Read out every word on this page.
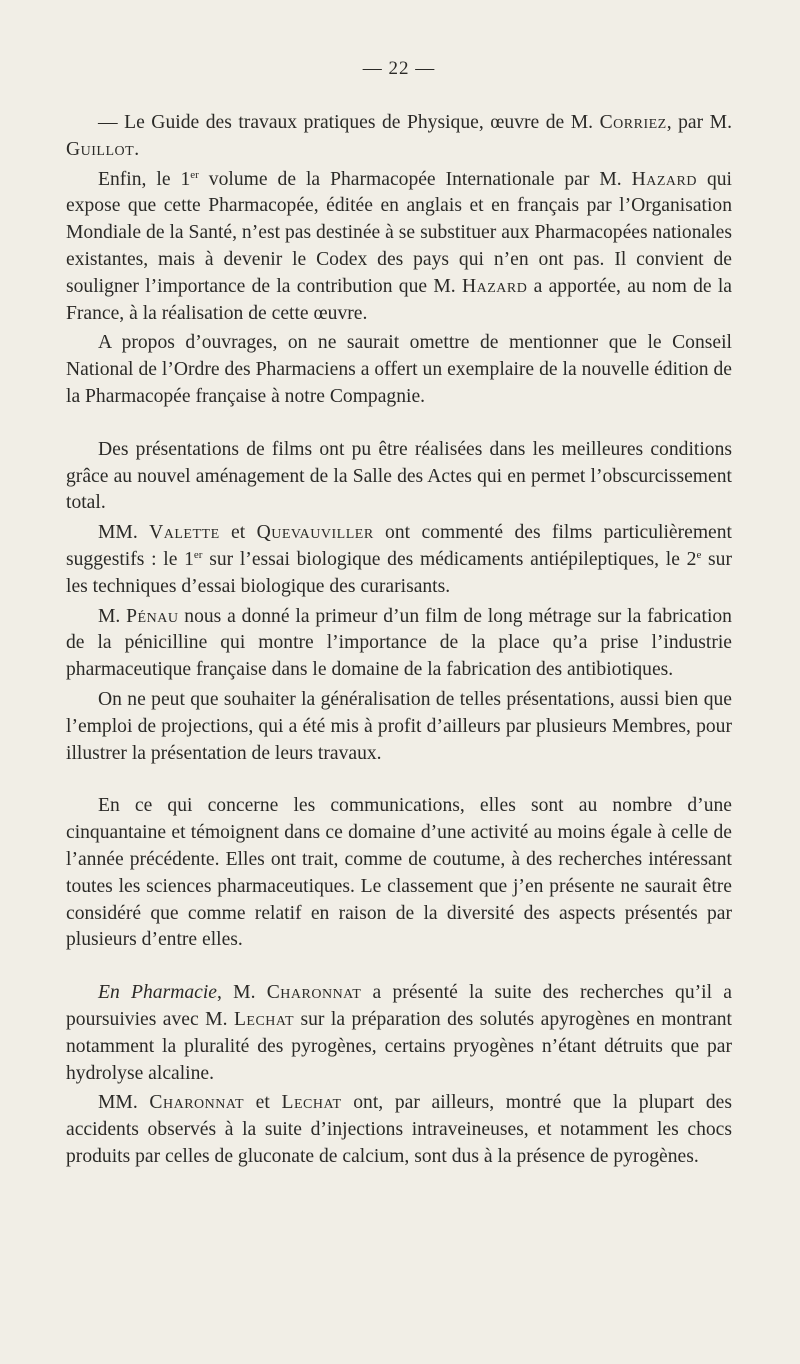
— 22 —

— Le Guide des travaux pratiques de Physique, œuvre de M. Corriez, par M. Guillot.

Enfin, le 1er volume de la Pharmacopée Internationale par M. Hazard qui expose que cette Pharmacopée, éditée en anglais et en français par l’Organisation Mondiale de la Santé, n’est pas destinée à se substituer aux Pharmacopées nationales existantes, mais à devenir le Codex des pays qui n’en ont pas. Il convient de souligner l’importance de la contribution que M. Hazard a apportée, au nom de la France, à la réalisation de cette œuvre.

A propos d’ouvrages, on ne saurait omettre de mentionner que le Conseil National de l’Ordre des Pharmaciens a offert un exemplaire de la nouvelle édition de la Pharmacopée française à notre Compagnie.

Des présentations de films ont pu être réalisées dans les meilleures conditions grâce au nouvel aménagement de la Salle des Actes qui en permet l’obscurcissement total.

MM. Valette et Quevauviller ont commenté des films particulièrement suggestifs : le 1er sur l’essai biologique des médicaments antiépileptiques, le 2e sur les techniques d’essai biologique des curarisants.

M. Pénau nous a donné la primeur d’un film de long métrage sur la fabrication de la pénicilline qui montre l’importance de la place qu’a prise l’industrie pharmaceutique française dans le domaine de la fabrication des antibiotiques.

On ne peut que souhaiter la généralisation de telles présentations, aussi bien que l’emploi de projections, qui a été mis à profit d’ailleurs par plusieurs Membres, pour illustrer la présentation de leurs travaux.

En ce qui concerne les communications, elles sont au nombre d’une cinquantaine et témoignent dans ce domaine d’une activité au moins égale à celle de l’année précédente. Elles ont trait, comme de coutume, à des recherches intéressant toutes les sciences pharmaceutiques. Le classement que j’en présente ne saurait être considéré que comme relatif en raison de la diversité des aspects présentés par plusieurs d’entre elles.

En Pharmacie, M. Charonnat a présenté la suite des recherches qu’il a poursuivies avec M. Lechat sur la préparation des solutés apyrogènes en montrant notamment la pluralité des pyrogènes, certains pryogènes n’étant détruits que par hydrolyse alcaline.

MM. Charonnat et Lechat ont, par ailleurs, montré que la plupart des accidents observés à la suite d’injections intraveineuses, et notamment les chocs produits par celles de gluconate de calcium, sont dus à la présence de pyrogènes.
